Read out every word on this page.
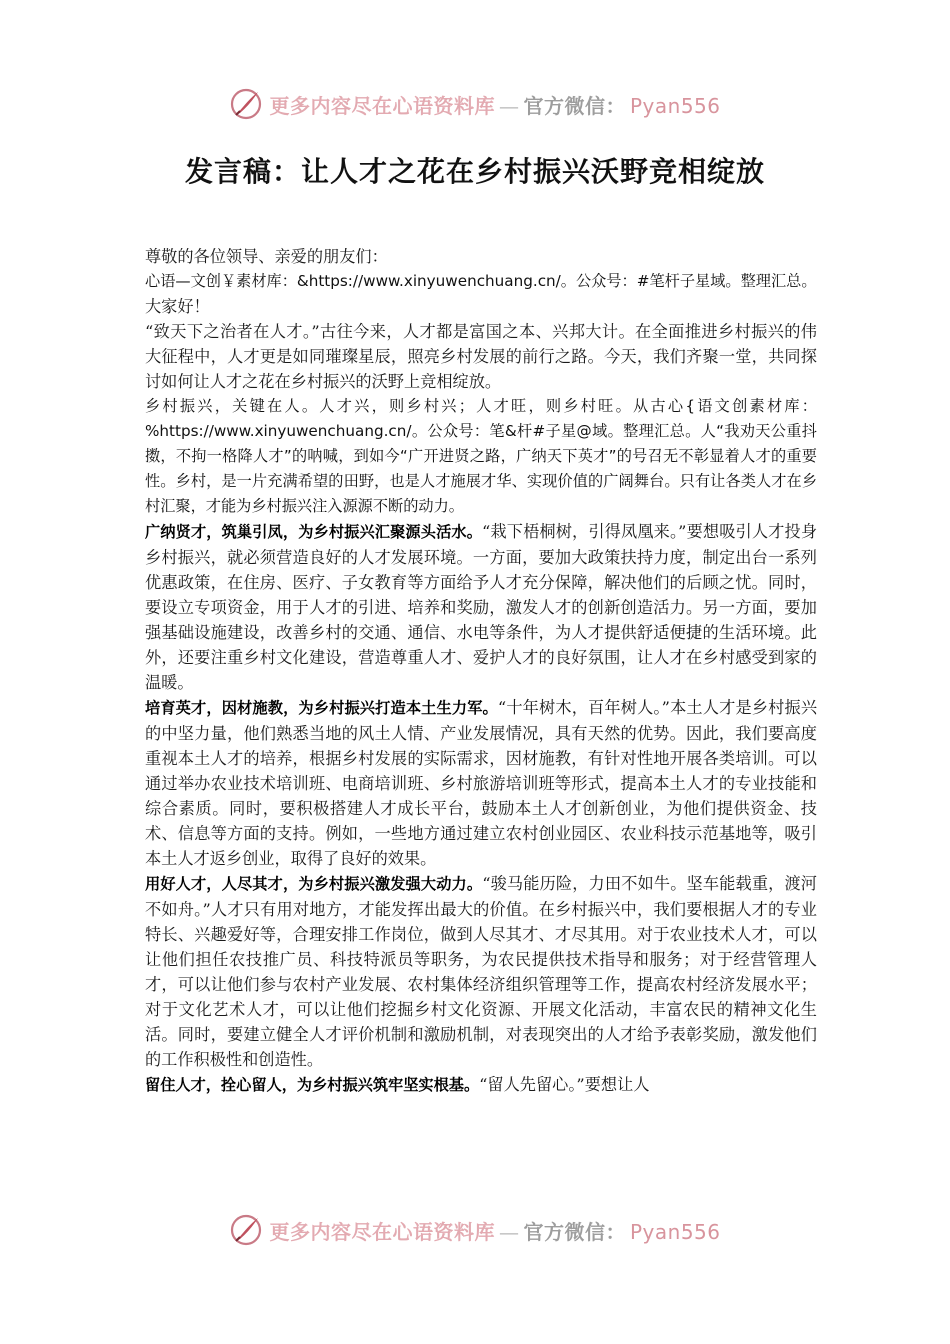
更多内容尽在心语资料库 — 官方微信： Pyan556
发言稿：让人才之花在乡村振兴沃野竞相绽放

尊敬的各位领导、亲爱的朋友们：

心语—文创￥素材库：&https://www.xinyuwenchuang.cn/。公众号：#笔杆子星域。整理汇总。

大家好！

“致天下之治者在人才。”古往今来，人才都是富国之本、兴邦大计。在全面推进乡村振兴的伟大征程中，人才更是如同璀璨星辰，照亮乡村发展的前行之路。今天，我们齐聚一堂，共同探讨如何让人才之花在乡村振兴的沃野上竞相绽放。

乡村振兴，关键在人。人才兴，则乡村兴；人才旺，则乡村旺。从古心{语文创素材库：%https://www.xinyuwenchuang.cn/。公众号：笔&杆#子星@域。整理汇总。人“我劝天公重抖擞，不拘一格降人才”的呐喊，到如今“广开进贤之路，广纳天下英才”的号召无不彰显着人才的重要性。乡村，是一片充满希望的田野，也是人才施展才华、实现价值的广阔舞台。只有让各类人才在乡村汇聚，才能为乡村振兴注入源源不断的动力。

广纳贤才，筑巢引凤，为乡村振兴汇聚源头活水。“栽下梧桐树，引得凤凰来。”要想吸引人才投身乡村振兴，就必须营造良好的人才发展环境。一方面，要加大政策扶持力度，制定出台一系列优惠政策，在住房、医疗、子女教育等方面给予人才充分保障，解决他们的后顾之忧。同时，要设立专项资金，用于人才的引进、培养和奖励，激发人才的创新创造活力。另一方面，要加强基础设施建设，改善乡村的交通、通信、水电等条件，为人才提供舒适便捷的生活环境。此外，还要注重乡村文化建设，营造尊重人才、爱护人才的良好氛围，让人才在乡村感受到家的温暖。

培育英才，因材施教，为乡村振兴打造本土生力军。“十年树木，百年树人。”本土人才是乡村振兴的中坚力量，他们熟悉当地的风土人情、产业发展情况，具有天然的优势。因此，我们要高度重视本土人才的培养，根据乡村发展的实际需求，因材施教，有针对性地开展各类培训。可以通过举办农业技术培训班、电商培训班、乡村旅游培训班等形式，提高本土人才的专业技能和综合素质。同时，要积极搭建人才成长平台，鼓励本土人才创新创业，为他们提供资金、技术、信息等方面的支持。例如，一些地方通过建立农村创业园区、农业科技示范基地等，吸引本土人才返乡创业，取得了良好的效果。

用好人才，人尽其才，为乡村振兴激发强大动力。“骏马能历险，力田不如牛。坚车能载重，渡河不如舟。”人才只有用对地方，才能发挥出最大的价值。在乡村振兴中，我们要根据人才的专业特长、兴趣爱好等，合理安排工作岗位，做到人尽其才、才尽其用。对于农业技术人才，可以让他们担任农技推广员、科技特派员等职务，为农民提供技术指导和服务；对于经营管理人才，可以让他们参与农村产业发展、农村集体经济组织管理等工作，提高农村经济发展水平；对于文化艺术人才，可以让他们挖掘乡村文化资源、开展文化活动，丰富农民的精神文化生活。同时，要建立健全人才评价机制和激励机制，对表现突出的人才给予表彰奖励，激发他们的工作积极性和创造性。

留住人才，拴心留人，为乡村振兴筑牢坚实根基。“留人先留心。”要想让人

更多内容尽在心语资料库 — 官方微信： Pyan556
